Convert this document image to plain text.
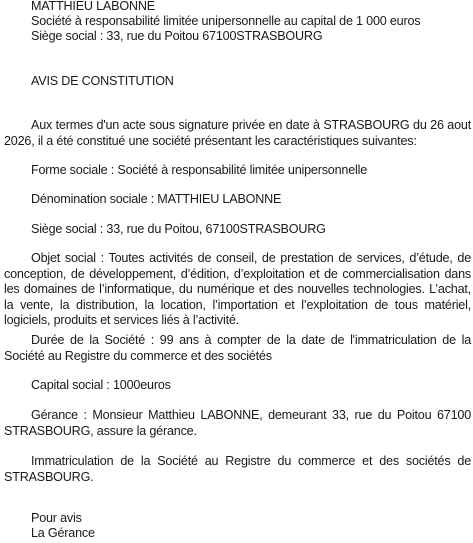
MATTHIEU LABONNE
Société à responsabilité limitée unipersonnelle au capital de 1 000 euros
Siège social : 33, rue du Poitou 67100STRASBOURG
AVIS DE CONSTITUTION
Aux termes d'un acte sous signature privée en date à STRASBOURG du 26 aout 2026, il a été constitué une société présentant les caractéristiques suivantes:
Forme sociale : Société à responsabilité limitée unipersonnelle
Dénomination sociale : MATTHIEU LABONNE
Siège social : 33, rue du Poitou, 67100STRASBOURG
Objet social : Toutes activités de conseil, de prestation de services, d’étude, de conception, de développement, d’édition, d’exploitation et de commercialisation dans les domaines de l’informatique, du numérique et des nouvelles technologies. L’achat, la vente, la distribution, la location, l’importation et l’exploitation de tous matériel, logiciels, produits et services liés à l’activité.
Durée de la Société : 99 ans à compter de la date de l'immatriculation de la Société au Registre du commerce et des sociétés
Capital social : 1000euros
Gérance : Monsieur Matthieu LABONNE, demeurant 33, rue du Poitou 67100 STRASBOURG, assure la gérance.
Immatriculation de la Société au Registre du commerce et des sociétés de STRASBOURG.
Pour avis
La Gérance
